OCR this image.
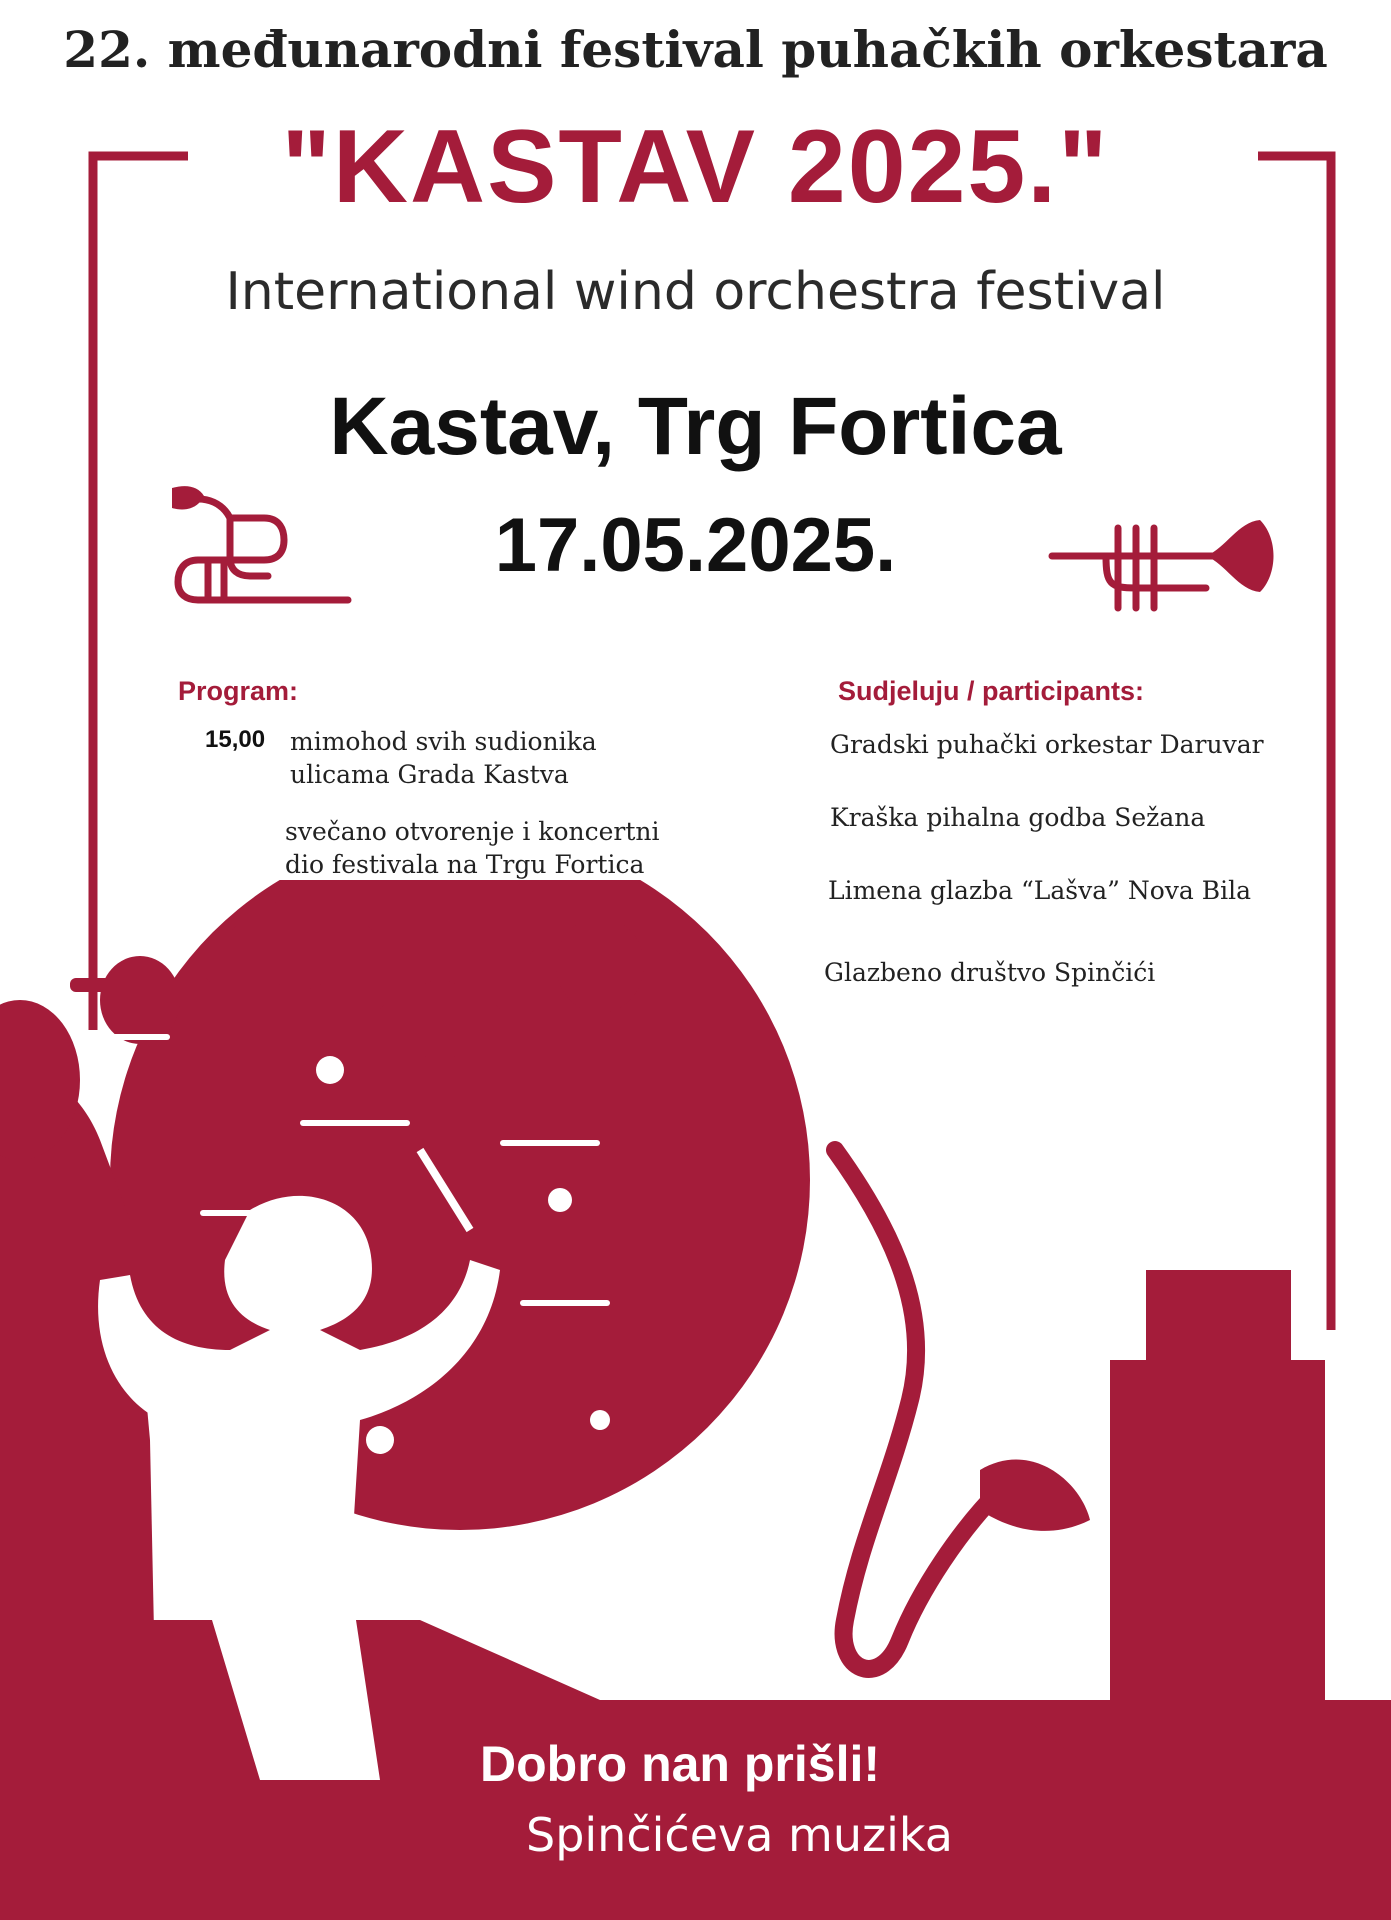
22. međunarodni festival puhačkih orkestara
"KASTAV 2025."
International wind orchestra festival
Kastav, Trg Fortica
17.05.2025.
Program:
15,00 mimohod svih sudionika
ulicama Grada Kastva
svečano otvorenje i koncertni
dio festivala na Trgu Fortica
Sudjeluju / participants:
Gradski puhački orkestar Daruvar
Kraška pihalna godba Sežana
Limena glazba “Lašva” Nova Bila
Glazbeno društvo Spinčići
Dobro nan prišli!
Spinčićeva muzika
